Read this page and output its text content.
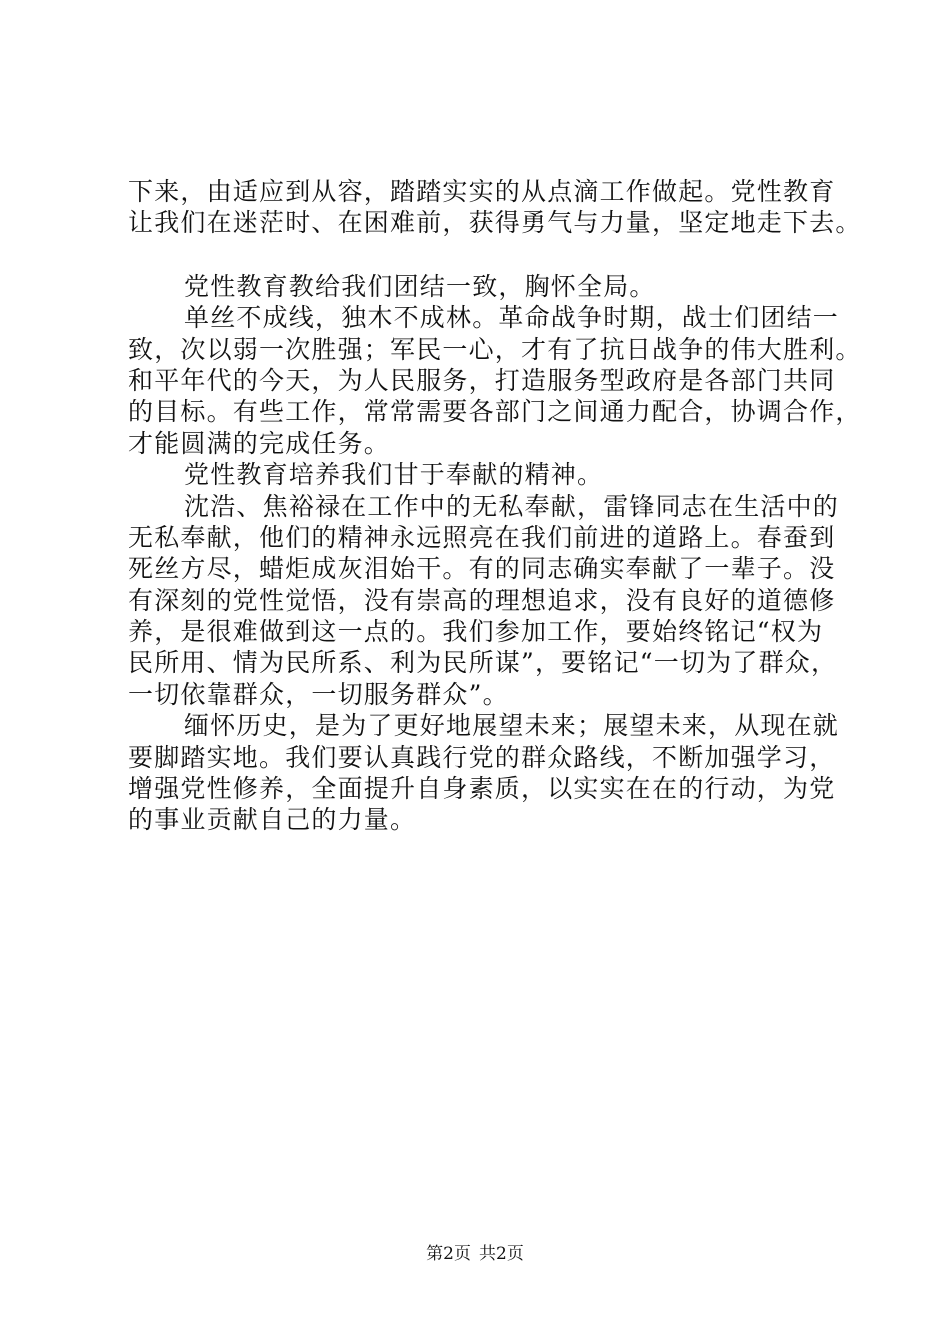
下来，由适应到从容，踏踏实实的从点滴工作做起。党性教育
让我们在迷茫时、在困难前，获得勇气与力量，坚定地走下去。
党性教育教给我们团结一致，胸怀全局。
单丝不成线，独木不成林。革命战争时期，战士们团结一
致，次以弱一次胜强；军民一心，才有了抗日战争的伟大胜利。
和平年代的今天，为人民服务，打造服务型政府是各部门共同
的目标。有些工作，常常需要各部门之间通力配合，协调合作，
才能圆满的完成任务。
党性教育培养我们甘于奉献的精神。
沈浩、焦裕禄在工作中的无私奉献，雷锋同志在生活中的
无私奉献，他们的精神永远照亮在我们前进的道路上。春蚕到
死丝方尽，蜡炬成灰泪始干。有的同志确实奉献了一辈子。没
有深刻的党性觉悟，没有崇高的理想追求，没有良好的道德修
养，是很难做到这一点的。我们参加工作，要始终铭记“权为
民所用、情为民所系、利为民所谋”，要铭记“一切为了群众，
一切依靠群众，一切服务群众”。
缅怀历史，是为了更好地展望未来；展望未来，从现在就
要脚踏实地。我们要认真践行党的群众路线，不断加强学习，
增强党性修养，全面提升自身素质，以实实在在的行动，为党
的事业贡献自己的力量。
第2页 共2页
